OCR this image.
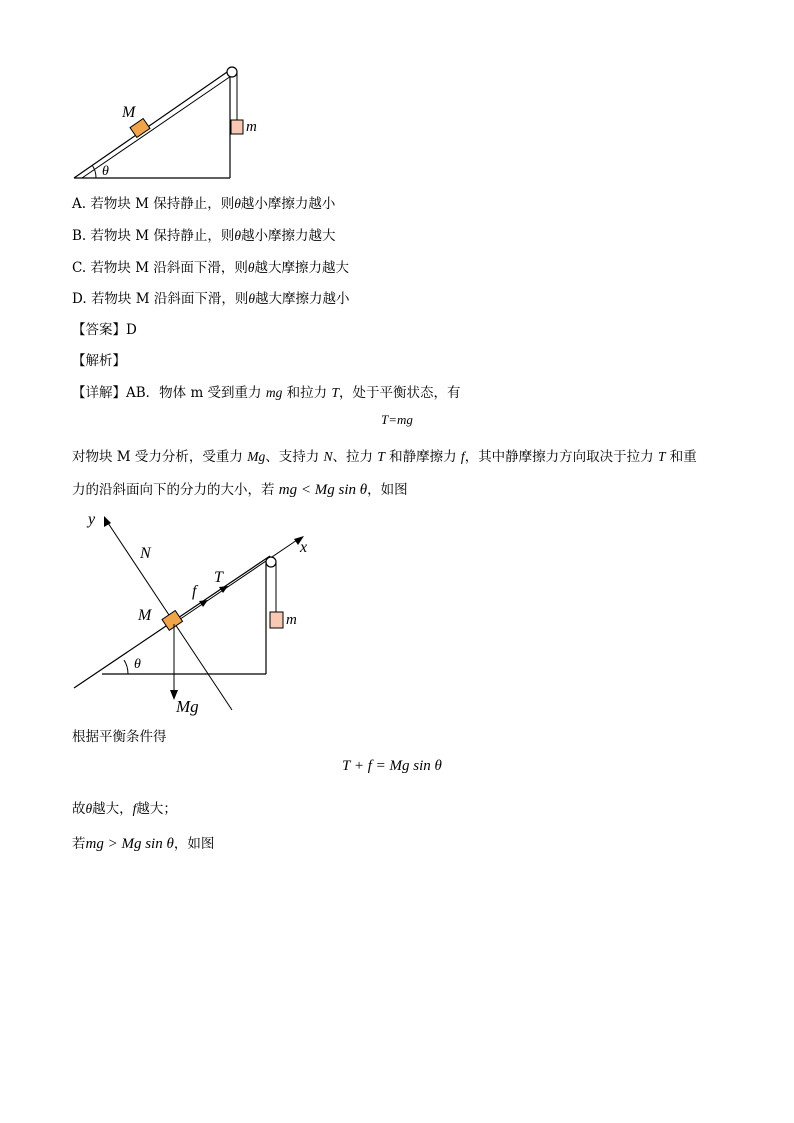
M
m
θ
A. 若物块 M 保持静止，则θ越小摩擦力越小
B. 若物块 M 保持静止，则θ越小摩擦力越大
C. 若物块 M 沿斜面下滑，则θ越大摩擦力越大
D. 若物块 M 沿斜面下滑，则θ越大摩擦力越小
【答案】D
【解析】
【详解】AB．物体 m 受到重力 mg 和拉力 T，处于平衡状态，有
T=mg
对物块 M 受力分析，受重力 Mg、支持力 N、拉力 T 和静摩擦力 f，其中静摩擦力方向取决于拉力 T 和重
力的沿斜面向下的分力的大小，若 mg < Mg sin θ，如图
y
x
N
f
T
M	m
θ
Mg
根据平衡条件得
T + f = Mg sin θ
故θ越大，f越大；
若mg > Mg sin θ，如图
